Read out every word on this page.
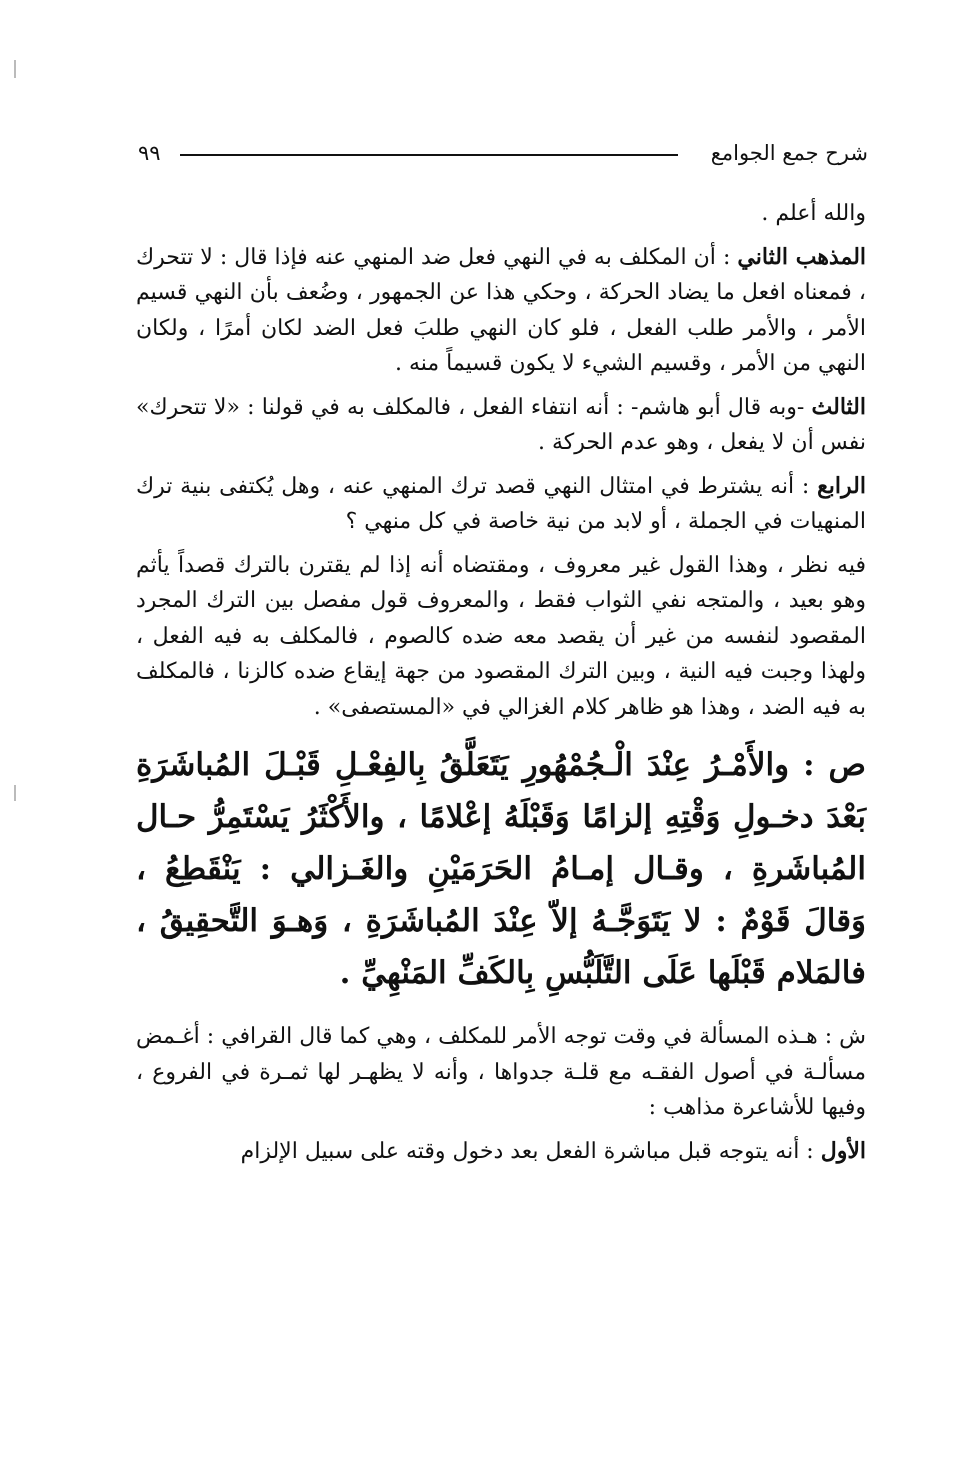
شرح جمع الجوامع
٩٩

والله أعلم .

المذهب الثاني : أن المكلف به في النهي فعل ضد المنهي عنه فإذا قال : لا تتحرك ، فمعناه افعل ما يضاد الحركة ، وحكي هذا عن الجمهور ، وضُعف بأن النهي قسيم الأمر ، والأمر طلب الفعل ، فلو كان النهي طلبَ فعل الضد لكان أمرًا ، ولكان النهي من الأمر ، وقسيم الشيء لا يكون قسيماً منه .

الثالث -وبه قال أبو هاشم- : أنه انتفاء الفعل ، فالمكلف به في قولنا : «لا تتحرك» نفس أن لا يفعل ، وهو عدم الحركة .

الرابع : أنه يشترط في امتثال النهي قصد ترك المنهي عنه ، وهل يُكتفى بنية ترك المنهيات في الجملة ، أو لابد من نية خاصة في كل منهي ؟

فيه نظر ، وهذا القول غير معروف ، ومقتضاه أنه إذا لم يقترن بالترك قصداً يأثم وهو بعيد ، والمتجه نفي الثواب فقط ، والمعروف قول مفصل بين الترك المجرد المقصود لنفسه من غير أن يقصد معه ضده كالصوم ، فالمكلف به فيه الفعل ، ولهذا وجبت فيه النية ، وبين الترك المقصود من جهة إيقاع ضده كالزنا ، فالمكلف به فيه الضد ، وهذا هو ظاهر كلام الغزالي في «المستصفى» .

ص : والأَمْـرُ عِنْدَ الْـجُمْهُورِ يَتَعَلَّقُ بِالفِعْـلِ قَبْـلَ المُباشَرَةِ بَعْدَ دخـولِ وَقْتِهِ إلزامًا وَقَبْلَهُ إعْلامًا ، والأَكْثَرُ يَسْتَمِرُّ حـال المُباشَرةِ ، وقـال إمـامُ الحَرَمَيْنِ والغَـزالي : يَنْقَطِعُ ، وَقالَ قَوْمٌ : لا يَتَوَجَّـهُ إلاّ عِنْدَ المُباشَرَةِ ، وَهـوَ التَّحقِيقُ ، فالمَلام قَبْلَها عَلَى التَّلَبُّسِ بِالكَفِّ المَنْهِيِّ .

ش : هـذه المسألة في وقت توجه الأمر للمكلف ، وهي كما قال القرافي : أغـمض مسألـة في أصول الفقـه مع قلـة جدواها ، وأنه لا يظهـر لها ثمـرة في الفروع ، وفيها للأشاعرة مذاهب :

الأول : أنه يتوجه قبل مباشرة الفعل بعد دخول وقته على سبيل الإلزام
